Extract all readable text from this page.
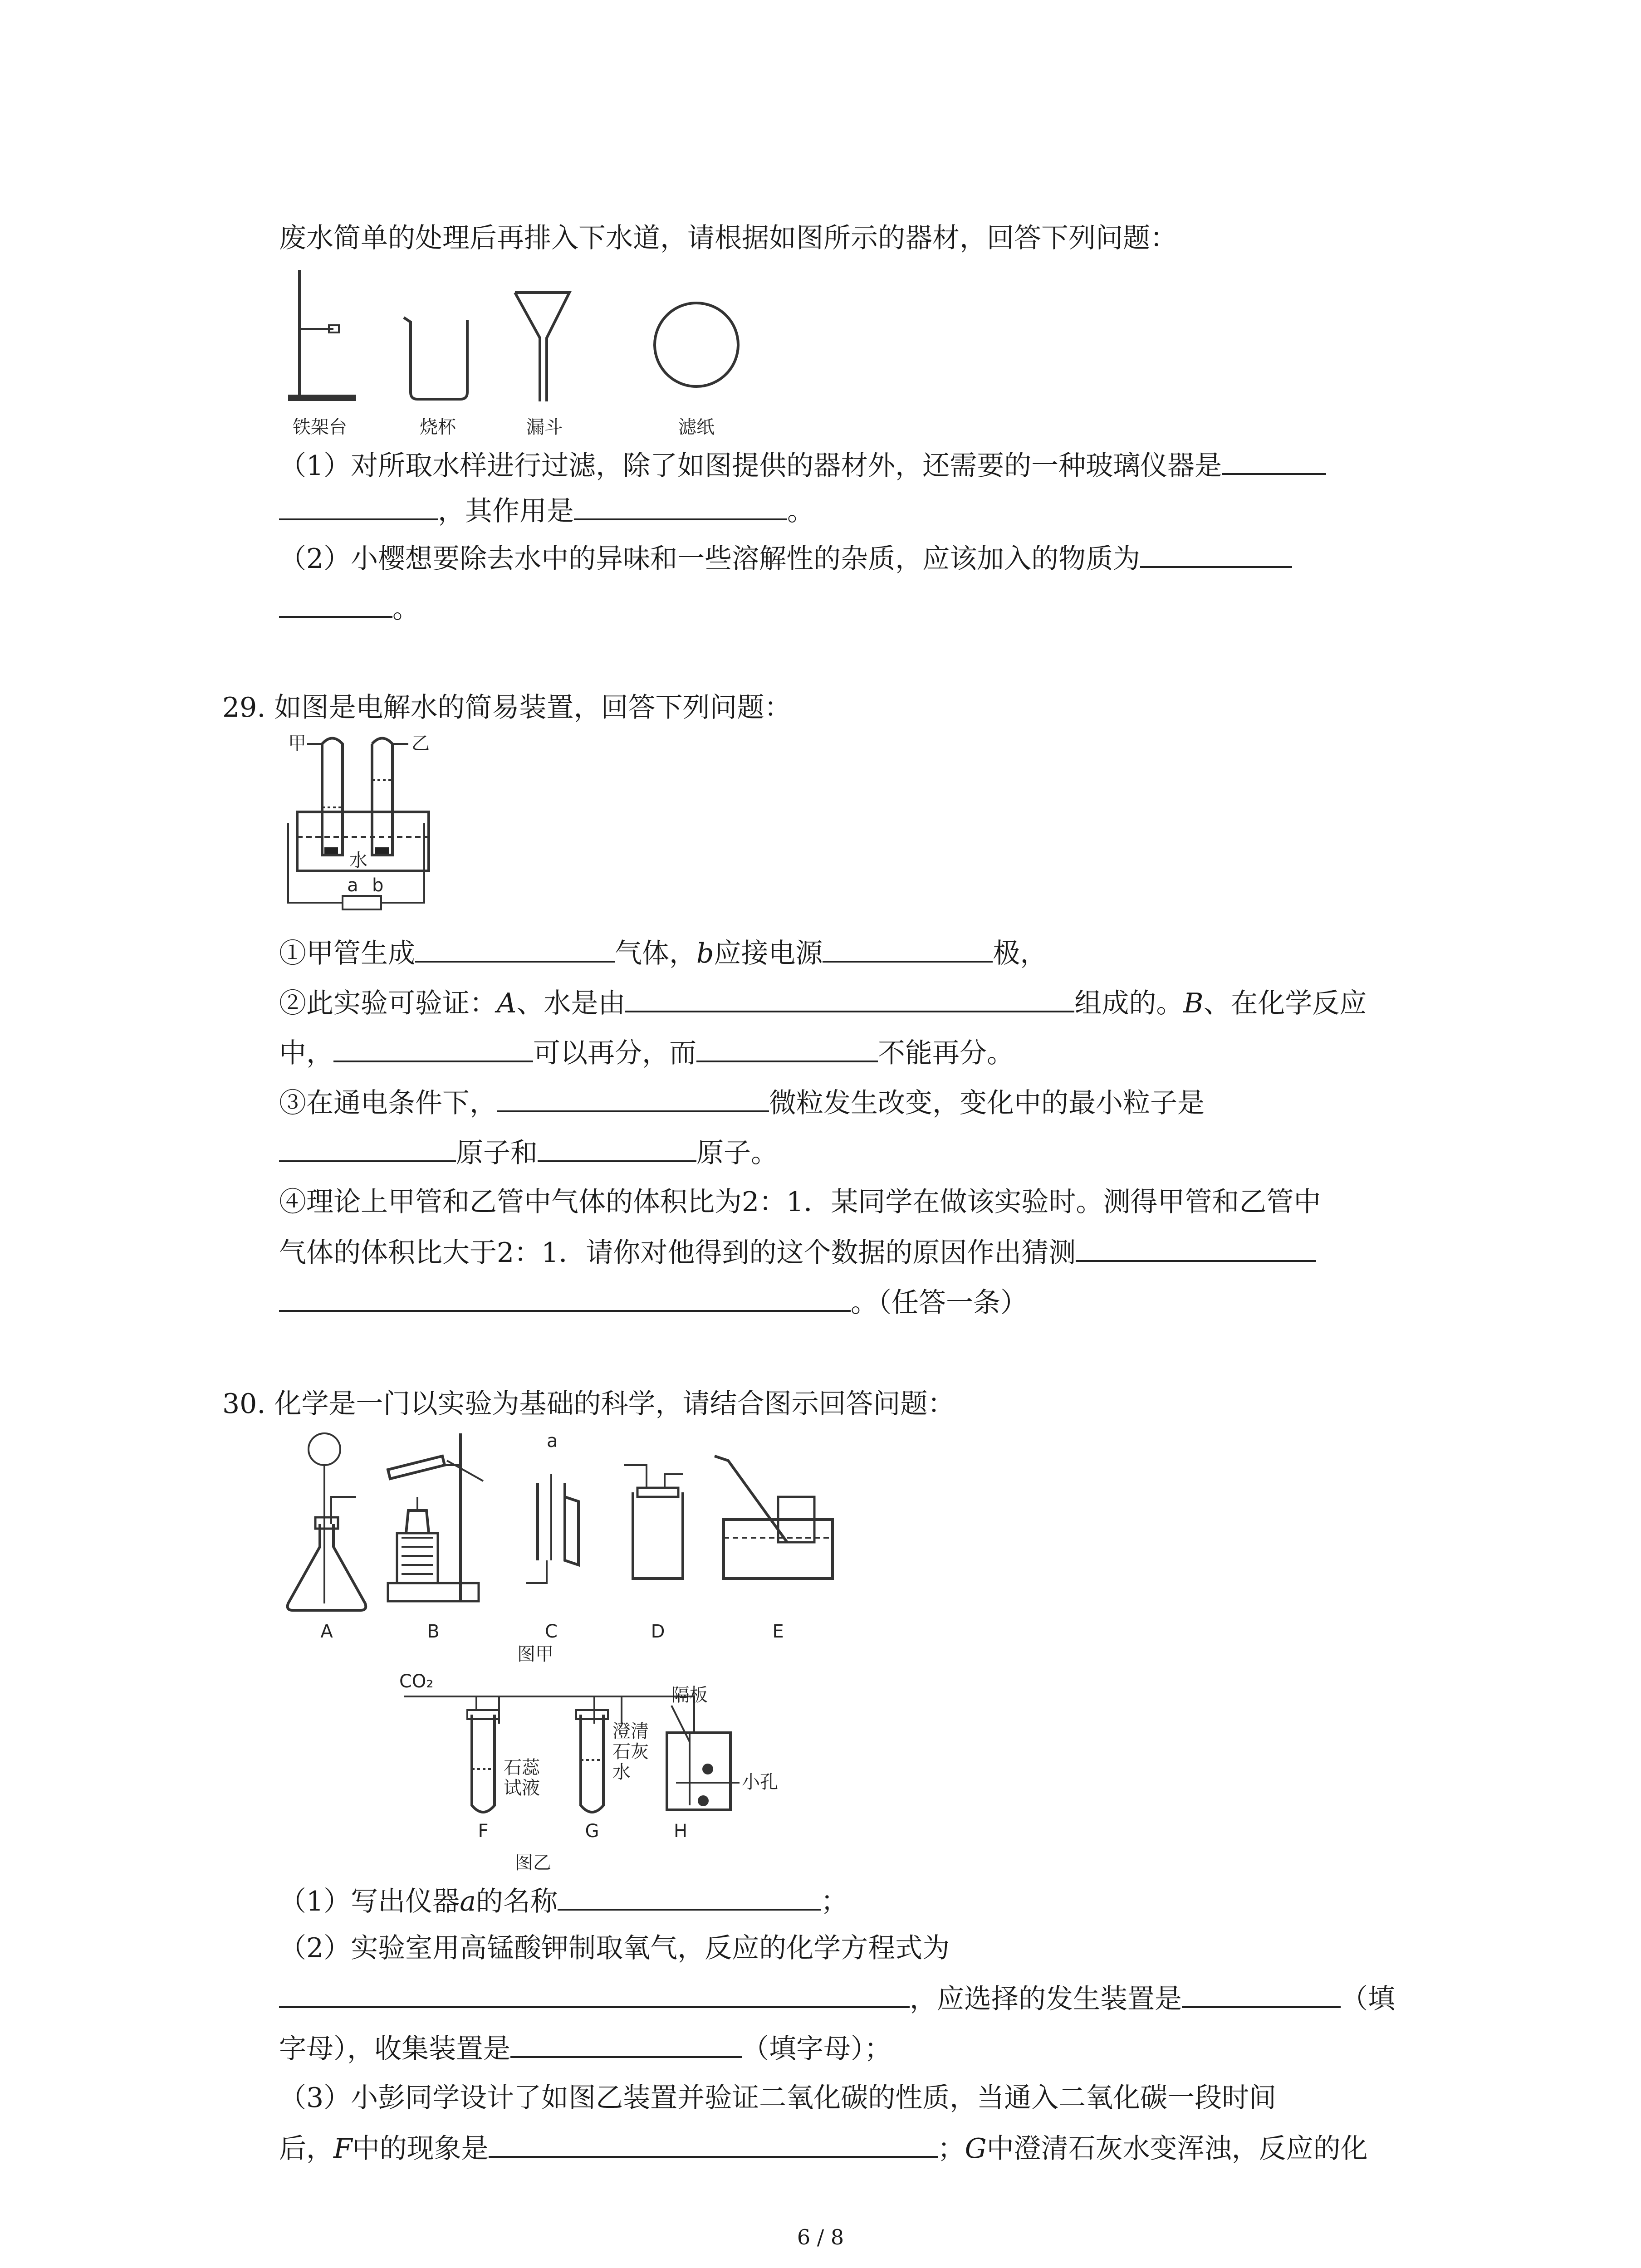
废水简单的处理后再排入下水道，请根据如图所示的器材，回答下列问题：
铁架台	烧杯	漏斗	滤纸
（1）对所取水样进行过滤，除了如图提供的器材外，还需要的一种玻璃仪器是
，其作用是	。
（2）小樱想要除去水中的异味和一些溶解性的杂质，应该加入的物质为
。
29. 如图是电解水的简易装置，回答下列问题：
甲	乙
水
a b
①甲管生成	气体，b应接电源	极，
②此实验可验证：A、水是由	组成的。B、在化学反应
中，	可以再分，而	不能再分。
③在通电条件下，	微粒发生改变，变化中的最小粒子是
原子和	原子。
④理论上甲管和乙管中气体的体积比为2：1．某同学在做该实验时。测得甲管和乙管中
气体的体积比大于2：1．请你对他得到的这个数据的原因作出猜测
。（任答一条）
30. 化学是一门以实验为基础的科学，请结合图示回答问题：
a
A	B	C	D	E
图甲
CO₂
隔板
石蕊
试液
澄清
石灰
水	小孔
F	G	H
图乙
（1）写出仪器a的名称	；
（2）实验室用高锰酸钾制取氧气，反应的化学方程式为
，应选择的发生装置是	（填
字母），收集装置是	（填字母）；
（3）小彭同学设计了如图乙装置并验证二氧化碳的性质，当通入二氧化碳一段时间
后，F中的现象是	；G中澄清石灰水变浑浊，反应的化
6 / 8
